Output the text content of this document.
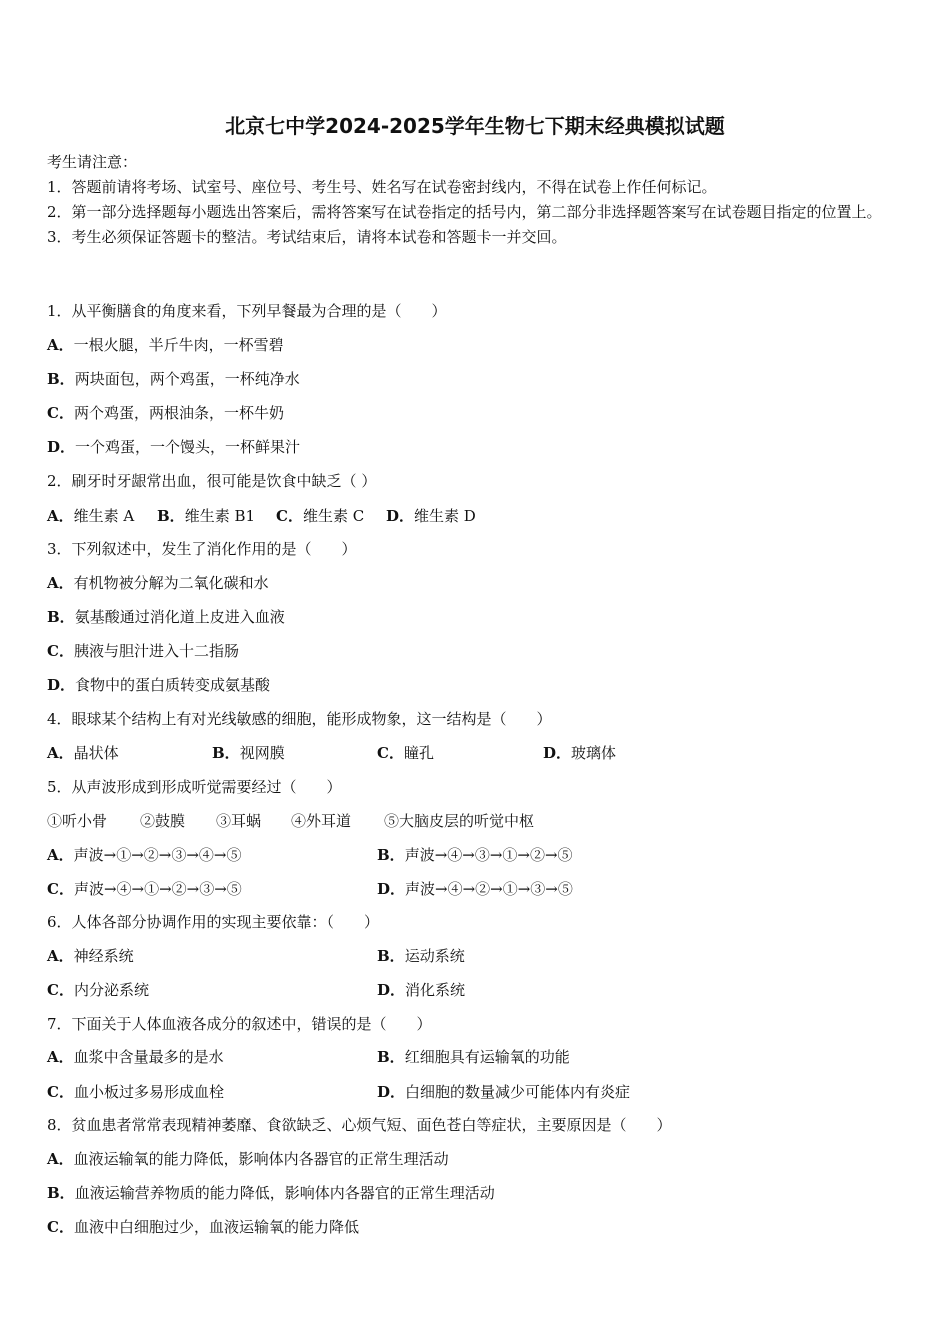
北京七中学2024-2025学年生物七下期末经典模拟试题
考生请注意：
1．答题前请将考场、试室号、座位号、考生号、姓名写在试卷密封线内，不得在试卷上作任何标记。
2．第一部分选择题每小题选出答案后，需将答案写在试卷指定的括号内，第二部分非选择题答案写在试卷题目指定的位置上。
3．考生必须保证答题卡的整洁。考试结束后，请将本试卷和答题卡一并交回。
1．从平衡膳食的角度来看，下列早餐最为合理的是（　　）
A．一根火腿，半斤牛肉，一杯雪碧
B．两块面包，两个鸡蛋，一杯纯净水
C．两个鸡蛋，两根油条，一杯牛奶
D．一个鸡蛋，一个馒头，一杯鲜果汁
2．刷牙时牙龈常出血，很可能是饮食中缺乏（ ）
A．维生素 A B．维生素 B1 C．维生素 C D．维生素 D
3．下列叙述中，发生了消化作用的是（　　）
A．有机物被分解为二氧化碳和水
B．氨基酸通过消化道上皮进入血液
C．胰液与胆汁进入十二指肠
D．食物中的蛋白质转变成氨基酸
4．眼球某个结构上有对光线敏感的细胞，能形成物象，这一结构是（　　）
A．晶状体	B．视网膜	C．瞳孔	D．玻璃体
5．从声波形成到形成听觉需要经过（　　）
①听小骨 ②鼓膜 ③耳蜗 ④外耳道 ⑤大脑皮层的听觉中枢
A．声波→①→②→③→④→⑤	B．声波→④→③→①→②→⑤
C．声波→④→①→②→③→⑤	D．声波→④→②→①→③→⑤
6．人体各部分协调作用的实现主要依靠：（　　）
A．神经系统	B．运动系统
C．内分泌系统	D．消化系统
7．下面关于人体血液各成分的叙述中，错误的是（　　）
A．血浆中含量最多的是水	B．红细胞具有运输氧的功能
C．血小板过多易形成血栓	D．白细胞的数量减少可能体内有炎症
8．贫血患者常常表现精神萎靡、食欲缺乏、心烦气短、面色苍白等症状，主要原因是（　　）
A．血液运输氧的能力降低，影响体内各器官的正常生理活动
B．血液运输营养物质的能力降低，影响体内各器官的正常生理活动
C．血液中白细胞过少，血液运输氧的能力降低
